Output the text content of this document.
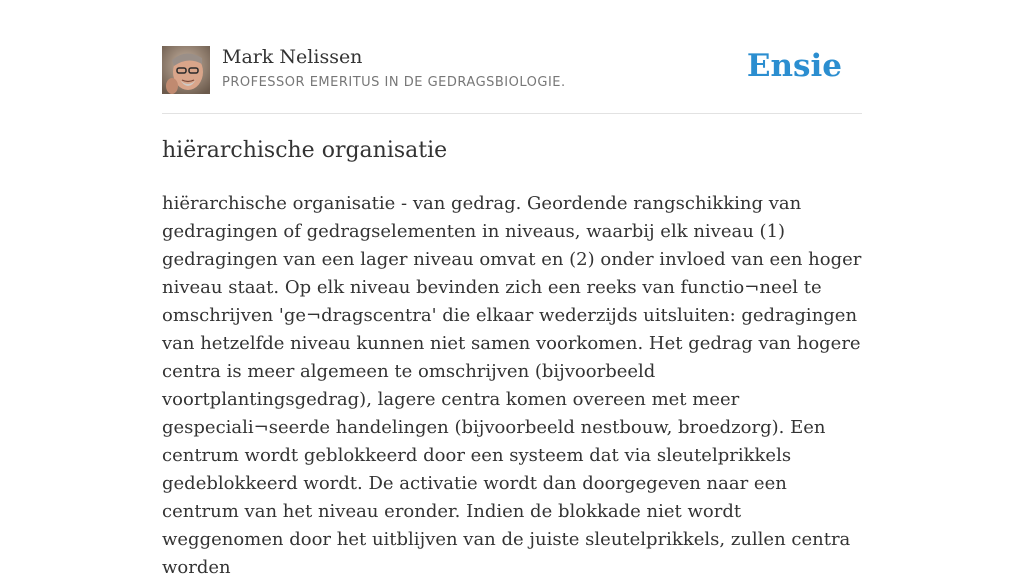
Mark Nelissen
PROFESSOR EMERITUS IN DE GEDRAGSBIOLOGIE.	Ensie
hiërarchische organisatie
hiërarchische organisatie - van gedrag. Geordende rangschikking van gedragingen of gedragselementen in niveaus, waarbij elk niveau (1) gedragingen van een lager niveau omvat en (2) onder invloed van een hoger niveau staat. Op elk niveau bevinden zich een reeks van functio¬neel te omschrijven 'ge¬dragscentra' die elkaar wederzijds uitsluiten: gedragingen van hetzelfde niveau kunnen niet samen voorkomen. Het gedrag van hogere centra is meer algemeen te omschrijven (bijvoorbeeld voortplantingsgedrag), lagere centra komen overeen met meer gespeciali¬seerde handelingen (bijvoorbeeld nestbouw, broedzorg). Een centrum wordt geblokkeerd door een systeem dat via sleutelprikkels gedeblokkeerd wordt. De activatie wordt dan doorgegeven naar een centrum van het niveau eronder. Indien de blokkade niet wordt weggenomen door het uitblijven van de juiste sleutelprikkels, zullen centra worden
